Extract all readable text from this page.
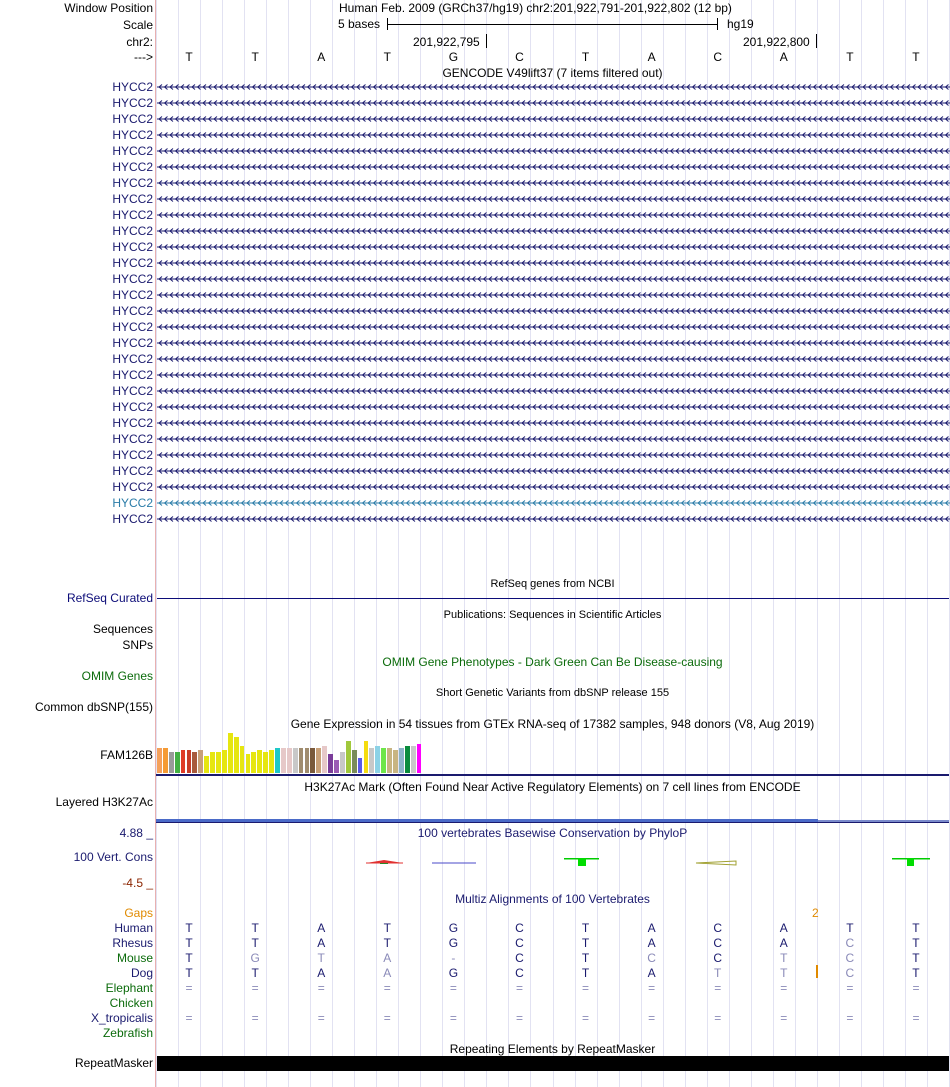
Window Position
Scale
chr2:
--->
Human Feb. 2009 (GRCh37/hg19) chr2:201,922,791-201,922,802 (12 bp)
5 bases	hg19
201,922,795	201,922,800
T	T	A	T	G	C	T	A	C	A	T	T
GENCODE V49lift37 (7 items filtered out)
HYCC2
HYCC2
HYCC2
HYCC2
HYCC2
HYCC2
HYCC2
HYCC2
HYCC2
HYCC2
HYCC2
HYCC2
HYCC2
HYCC2
HYCC2
HYCC2
HYCC2
HYCC2
HYCC2
HYCC2
HYCC2
HYCC2
HYCC2
HYCC2
HYCC2
HYCC2
HYCC2
HYCC2
RefSeq genes from NCBI
RefSeq Curated
Publications: Sequences in Scientific Articles
Sequences
SNPs
OMIM Gene Phenotypes - Dark Green Can Be Disease-causing
OMIM Genes
Short Genetic Variants from dbSNP release 155
Common dbSNP(155)
Gene Expression in 54 tissues from GTEx RNA-seq of 17382 samples, 948 donors (V8, Aug 2019)
FAM126B
H3K27Ac Mark (Often Found Near Active Regulatory Elements) on 7 cell lines from ENCODE
Layered H3K27Ac
100 vertebrates Basewise Conservation by PhyloP
4.88 _
100 Vert. Cons
-4.5 _
Multiz Alignments of 100 Vertebrates
Gaps	2
Human	T	T	A	T	G	C	T	A	C	A	T	T
Rhesus	T	T	A	T	G	C	T	A	C	A	C	T
Mouse	T	G	T	A	-	C	T	C	C	T	C	T
Dog	T	T	A	A	G	C	T	A	T	T	C	T
Elephant	=	=	=	=	=	=	=	=	=	=	=	=
Chicken
X_tropicalis	=	=	=	=	=	=	=	=	=	=	=	=
Zebrafish
Repeating Elements by RepeatMasker
RepeatMasker
